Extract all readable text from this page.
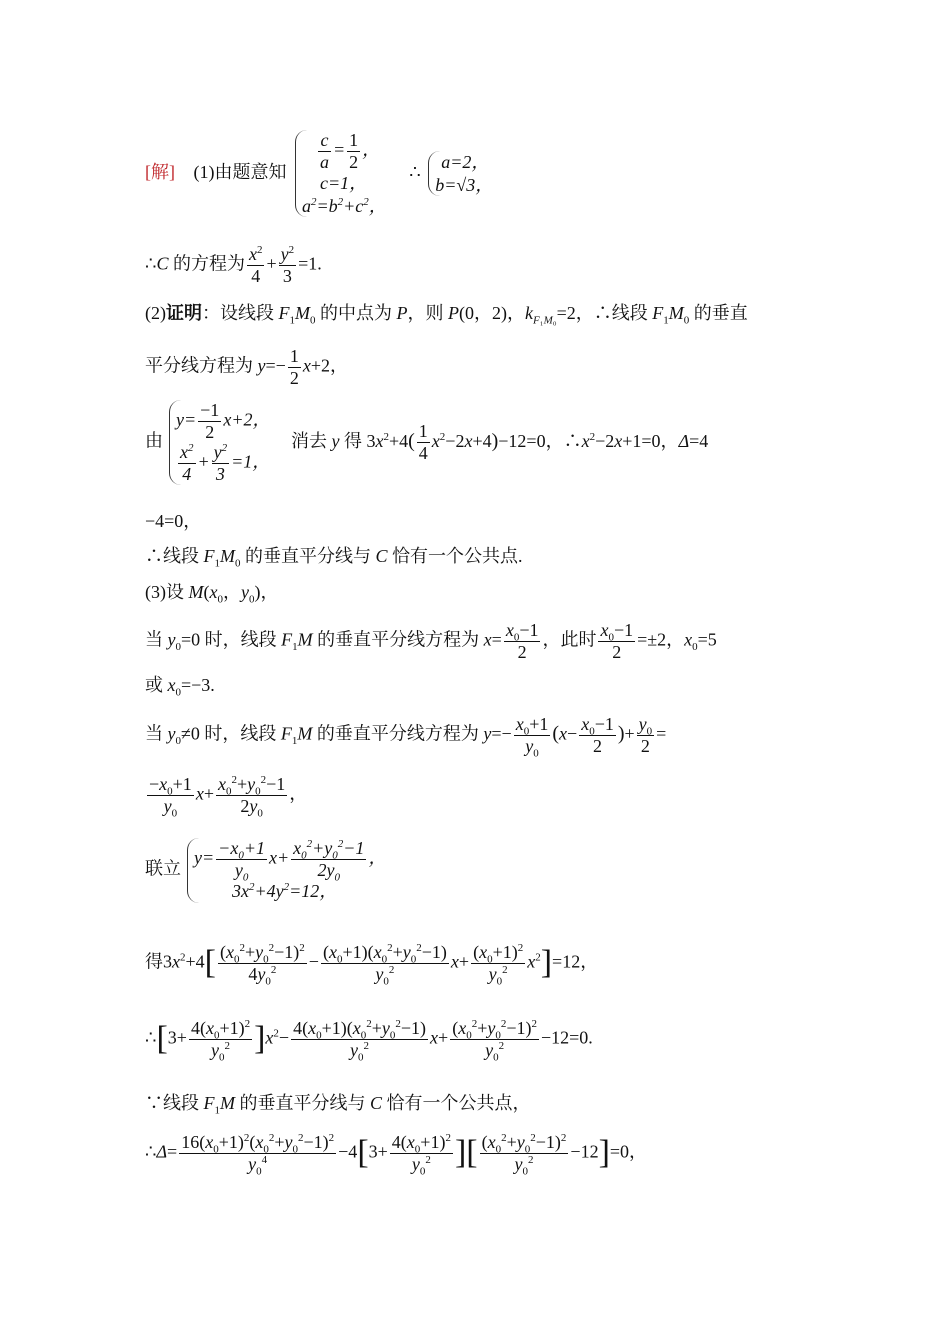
[解] (1)由题意知 $\frac{c}{a} = \frac{1}{2}$ ，
c=1，
$a^2=b^2+c^2$，
∴	a=2，
b=√3，
∴C 的方程为 $\frac{x^2}{4} + \frac{y^2}{3} =1$.
(2)证明：设线段 $F_1M_0$ 的中点为 P，则 P(0，2)，$k_{F_1M_0}=2$，∴线段 $F_1M_0$ 的垂直
平分线方程为 $y=- \frac{1}{2} x+2$，
由
$y= \frac{-1}{2} x+2$，
$\frac{x^2}{4} + \frac{y^2}{3} =1$，
消去 y 得 $3x^2+4( \frac{1}{4} x^2-2x+4)-12=0$，$\therefore x^2-2x+1=0$，Δ=4
−4=0，
∴线段 $F_1M_0$ 的垂直平分线与 C 恰有一个公共点.
(3)设 $M(x_0$，$y_0$)，
当 $y_0=0$ 时，线段 $F_1M$ 的垂直平分线方程为 $x= \frac{x_0-1}{2}$ ，此时 $\frac{x_0-1}{2} =\pm 2$，$x_0=5$
或 $x_0=-3$.
当 $y_0\ne 0$ 时，线段 $F_1M$ 的垂直平分线方程为 $y=- \frac{x_0+1}{y_0} (x- \frac{x_0-1}{2}$ )+ $\frac{y_0}{2}$ =
$\frac{-x_0+1}{y_0} x+ \frac{x_0^2+y_0^2-1}{2y_0}$ ，
联立
$y= \frac{-x_0+1}{y_0} x+ \frac{x_0^2+y_0^2-1}{2y_0}$ ，
$3x^2+4y^2=12$，
得$3x^2+4[ \frac{(x_0^2+y_0^2-1)^2}{4y_0^2} - \frac{(x_0+1)(x_0^2+y_0^2-1)}{y_0^2} x+ \frac{(x_0+1)^2}{y_0^2} x^2]=12$，
∴[3+ $\frac{4(x_0+1)^2}{y_0^2} ]x^2- \frac{4(x_0+1)(x_0^2+y_0^2-1)}{y_0^2} x+ \frac{(x_0^2+y_0^2-1)^2}{y_0^2} -12=0$.
∵线段 $F_1M$ 的垂直平分线与 C 恰有一个公共点，
∴Δ= $\frac{16(x_0+1)^2(x_0^2+y_0^2-1)^2}{y_0^4} -4[3+ \frac{4(x_0+1)^2}{y_0^2}$ ][ $\frac{(x_0^2+y_0^2-1)^2}{y_0^2} -12]=0$，
